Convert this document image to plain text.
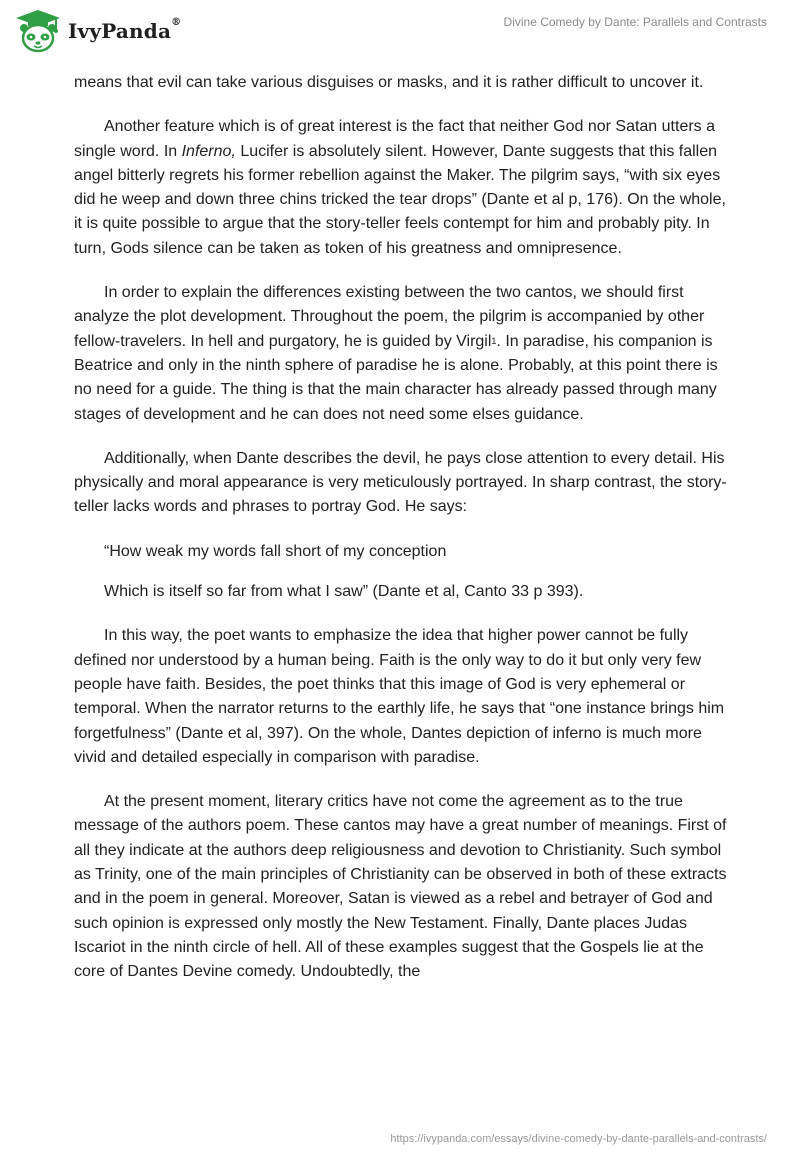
IvyPanda®	Divine Comedy by Dante: Parallels and Contrasts

means that evil can take various disguises or masks, and it is rather difficult to uncover it.

Another feature which is of great interest is the fact that neither God nor Satan utters a single word. In Inferno, Lucifer is absolutely silent. However, Dante suggests that this fallen angel bitterly regrets his former rebellion against the Maker. The pilgrim says, “with six eyes did he weep and down three chins tricked the tear drops” (Dante et al p, 176). On the whole, it is quite possible to argue that the story-teller feels contempt for him and probably pity. In turn, Gods silence can be taken as token of his greatness and omnipresence.

In order to explain the differences existing between the two cantos, we should first analyze the plot development. Throughout the poem, the pilgrim is accompanied by other fellow-travelers. In hell and purgatory, he is guided by Virgil$^1$. In paradise, his companion is Beatrice and only in the ninth sphere of paradise he is alone. Probably, at this point there is no need for a guide. The thing is that the main character has already passed through many stages of development and he can does not need some elses guidance.

Additionally, when Dante describes the devil, he pays close attention to every detail. His physically and moral appearance is very meticulously portrayed. In sharp contrast, the story-teller lacks words and phrases to portray God. He says:

“How weak my words fall short of my conception

Which is itself so far from what I saw” (Dante et al, Canto 33 p 393).

In this way, the poet wants to emphasize the idea that higher power cannot be fully defined nor understood by a human being. Faith is the only way to do it but only very few people have faith. Besides, the poet thinks that this image of God is very ephemeral or temporal. When the narrator returns to the earthly life, he says that “one instance brings him forgetfulness” (Dante et al, 397). On the whole, Dantes depiction of inferno is much more vivid and detailed especially in comparison with paradise.

At the present moment, literary critics have not come the agreement as to the true message of the authors poem. These cantos may have a great number of meanings. First of all they indicate at the authors deep religiousness and devotion to Christianity. Such symbol as Trinity, one of the main principles of Christianity can be observed in both of these extracts and in the poem in general. Moreover, Satan is viewed as a rebel and betrayer of God and such opinion is expressed only mostly the New Testament. Finally, Dante places Judas Iscariot in the ninth circle of hell. All of these examples suggest that the Gospels lie at the core of Dantes Devine comedy. Undoubtedly, the

https://ivypanda.com/essays/divine-comedy-by-dante-parallels-and-contrasts/
